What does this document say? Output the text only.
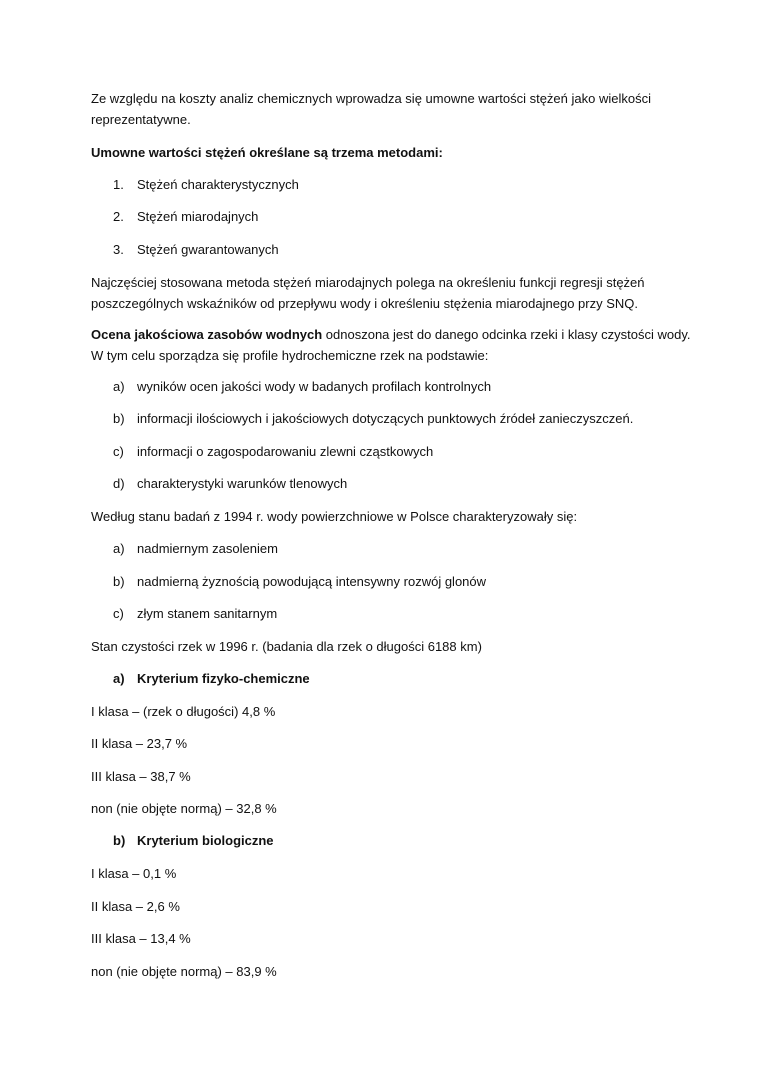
Ze względu na koszty analiz chemicznych wprowadza się umowne wartości stężeń jako wielkości
reprezentatywne.
Umowne wartości stężeń określane są trzema metodami:
1. Stężeń charakterystycznych
2. Stężeń miarodajnych
3. Stężeń gwarantowanych
Najczęściej stosowana metoda stężeń miarodajnych polega na określeniu funkcji regresji stężeń
poszczególnych wskaźników od przepływu wody i określeniu stężenia miarodajnego przy SNQ.
Ocena jakościowa zasobów wodnych odnoszona jest do danego odcinka rzeki i klasy czystości wody.
W tym celu sporządza się profile hydrochemiczne rzek na podstawie:
a) wyników ocen jakości wody w badanych profilach kontrolnych
b) informacji ilościowych i jakościowych dotyczących punktowych źródeł zanieczyszczeń.
c) informacji o zagospodarowaniu zlewni cząstkowych
d) charakterystyki warunków tlenowych
Według stanu badań z 1994 r. wody powierzchniowe w Polsce charakteryzowały się:
a) nadmiernym zasoleniem
b) nadmierną żyznością powodującą intensywny rozwój glonów
c) złym stanem sanitarnym
Stan czystości rzek w 1996 r. (badania dla rzek o długości 6188 km)
a) Kryterium fizyko-chemiczne
I klasa – (rzek o długości) 4,8 %
II klasa – 23,7 %
III klasa – 38,7 %
non (nie objęte normą) – 32,8 %
b) Kryterium biologiczne
I klasa – 0,1 %
II klasa – 2,6 %
III klasa – 13,4 %
non (nie objęte normą) – 83,9 %
